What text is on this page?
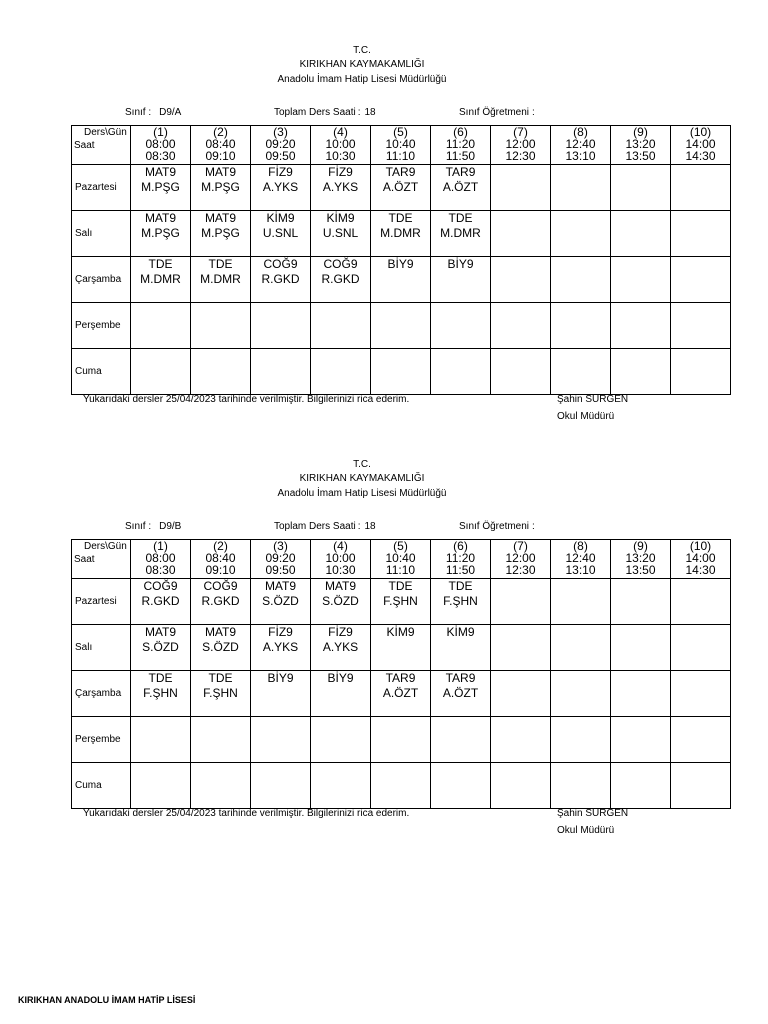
T.C.
KIRIKHAN KAYMAKAMLIĞI
Anadolu İmam Hatip Lisesi Müdürlüğü
Sınıf : D9/A	Toplam Ders Saati : 18	Sınıf Öğretmeni :
Ders\Gün
Saat	(1)
08:00
08:30	(2)
08:40
09:10	(3)
09:20
09:50	(4)
10:00
10:30	(5)
10:40
11:10	(6)
11:20
11:50	(7)
12:00
12:30	(8)
12:40
13:10	(9)
13:20
13:50	(10)
14:00
14:30

Pazartesi	MAT9
M.PŞG	MAT9
M.PŞG	FİZ9
A.YKS	FİZ9
A.YKS	TAR9
A.ÖZT	TAR9
A.ÖZT				

Salı	MAT9
M.PŞG	MAT9
M.PŞG	KİM9
U.SNL	KİM9
U.SNL	TDE
M.DMR	TDE
M.DMR				

Çarşamba	TDE
M.DMR	TDE
M.DMR	COĞ9
R.GKD	COĞ9
R.GKD	BİY9	BİY9				

Perşembe	

Cuma	

Yukarıdaki dersler 25/04/2023 tarihinde verilmiştir. Bilgilerinizi rica ederim.	Şahin SURGEN
Okul Müdürü
T.C.
KIRIKHAN KAYMAKAMLIĞI
Anadolu İmam Hatip Lisesi Müdürlüğü
Sınıf : D9/B	Toplam Ders Saati : 18	Sınıf Öğretmeni :
Ders\Gün
Saat	(1)
08:00
08:30	(2)
08:40
09:10	(3)
09:20
09:50	(4)
10:00
10:30	(5)
10:40
11:10	(6)
11:20
11:50	(7)
12:00
12:30	(8)
12:40
13:10	(9)
13:20
13:50	(10)
14:00
14:30

Pazartesi	COĞ9
R.GKD	COĞ9
R.GKD	MAT9
S.ÖZD	MAT9
S.ÖZD	TDE
F.ŞHN	TDE
F.ŞHN				

Salı	MAT9
S.ÖZD	MAT9
S.ÖZD	FİZ9
A.YKS	FİZ9
A.YKS	KİM9	KİM9				

Çarşamba	TDE
F.ŞHN	TDE
F.ŞHN	BİY9	BİY9	TAR9
A.ÖZT	TAR9
A.ÖZT				

Perşembe	

Cuma	

Yukarıdaki dersler 25/04/2023 tarihinde verilmiştir. Bilgilerinizi rica ederim.	Şahin SURGEN
Okul Müdürü
KIRIKHAN ANADOLU İMAM HATİP LİSESİ
